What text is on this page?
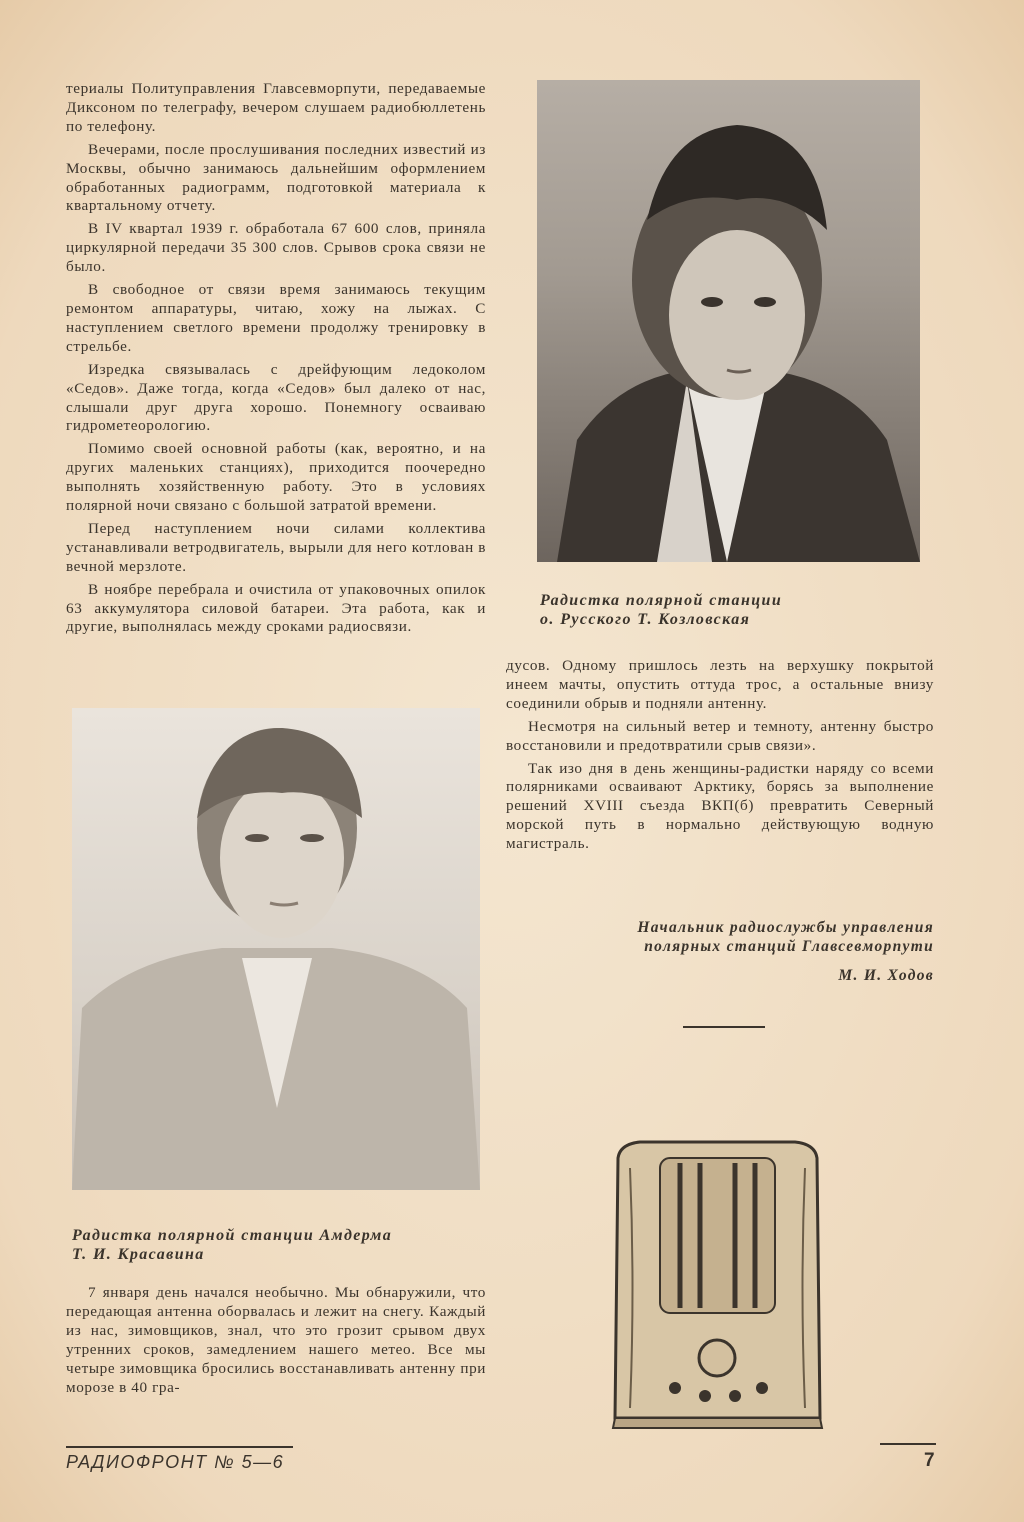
териалы Политуправления Главсевморпути, передаваемые Диксоном по телеграфу, вечером слушаем радиобюллетень по телефону.

Вечерами, после прослушивания последних известий из Москвы, обычно занимаюсь дальнейшим оформлением обработанных радиограмм, подготовкой материала к квартальному отчету.

В IV квартал 1939 г. обработала 67 600 слов, приняла циркулярной передачи 35 300 слов. Срывов срока связи не было.

В свободное от связи время занимаюсь текущим ремонтом аппаратуры, читаю, хожу на лыжах. С наступлением светлого времени продолжу тренировку в стрельбе.

Изредка связывалась с дрейфующим ледоколом «Седов». Даже тогда, когда «Седов» был далеко от нас, слышали друг друга хорошо. Понемногу осваиваю гидрометеорологию.

Помимо своей основной работы (как, вероятно, и на других маленьких станциях), приходится поочередно выполнять хозяйственную работу. Это в условиях полярной ночи связано с большой затратой времени.

Перед наступлением ночи силами коллектива устанавливали ветродвигатель, вырыли для него котлован в вечной мерзлоте.

В ноябре перебрала и очистила от упаковочных опилок 63 аккумулятора силовой батареи. Эта работа, как и другие, выполнялась между сроками радиосвязи.

Радистка полярной станции
о. Русского Т. Козловская
Радистка полярной станции Амдерма
Т. И. Красавина

7 января день начался необычно. Мы обнаружили, что передающая антенна оборвалась и лежит на снегу. Каждый из нас, зимовщиков, знал, что это грозит срывом двух утренних сроков, замедлением нашего метео. Все мы четыре зимовщика бросились восстанавливать антенну при морозе в 40 гра-

дусов. Одному пришлось лезть на верхушку покрытой инеем мачты, опустить оттуда трос, а остальные внизу соединили обрыв и подняли антенну.

Несмотря на сильный ветер и темноту, антенну быстро восстановили и предотвратили срыв связи».

Так изо дня в день женщины-радистки наряду со всеми полярниками осваивают Арктику, борясь за выполнение решений XVIII съезда ВКП(б) превратить Северный морской путь в нормально действующую водную магистраль.

Начальник радиослужбы управления
полярных станций Главсевморпути
М. И. Ходов
РАДИОФРОНТ № 5—6	7
